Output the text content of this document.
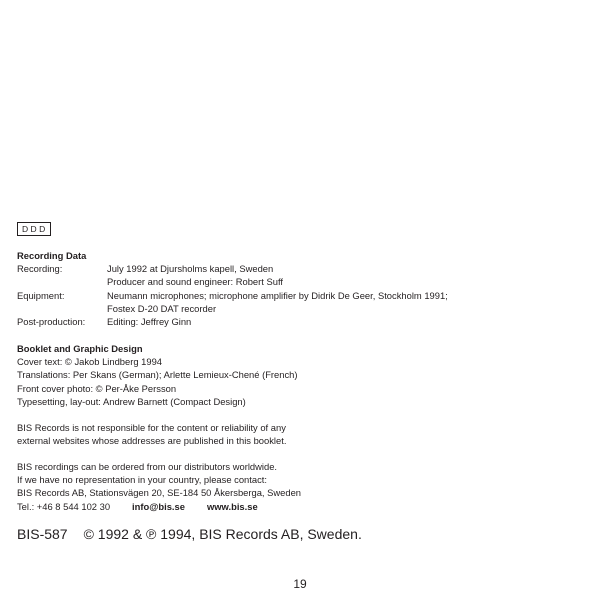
DDD
Recording Data
Recording:	July 1992 at Djursholms kapell, Sweden
Producer and sound engineer: Robert Suff

Equipment:	Neumann microphones; microphone amplifier by Didrik De Geer, Stockholm 1991;
Fostex D-20 DAT recorder

Post-production:	Editing: Jeffrey Ginn
Booklet and Graphic Design
Cover text: © Jakob Lindberg 1994
Translations: Per Skans (German); Arlette Lemieux-Chené (French)
Front cover photo: © Per-Åke Persson
Typesetting, lay-out: Andrew Barnett (Compact Design)
BIS Records is not responsible for the content or reliability of any
external websites whose addresses are published in this booklet.
BIS recordings can be ordered from our distributors worldwide.
If we have no representation in your country, please contact:
BIS Records AB, Stationsvägen 20, SE-184 50 Åkersberga, Sweden
Tel.: +46 8 544 102 30 info@bis.se www.bis.se
BIS-587 © 1992 & ℗ 1994, BIS Records AB, Sweden.
19
